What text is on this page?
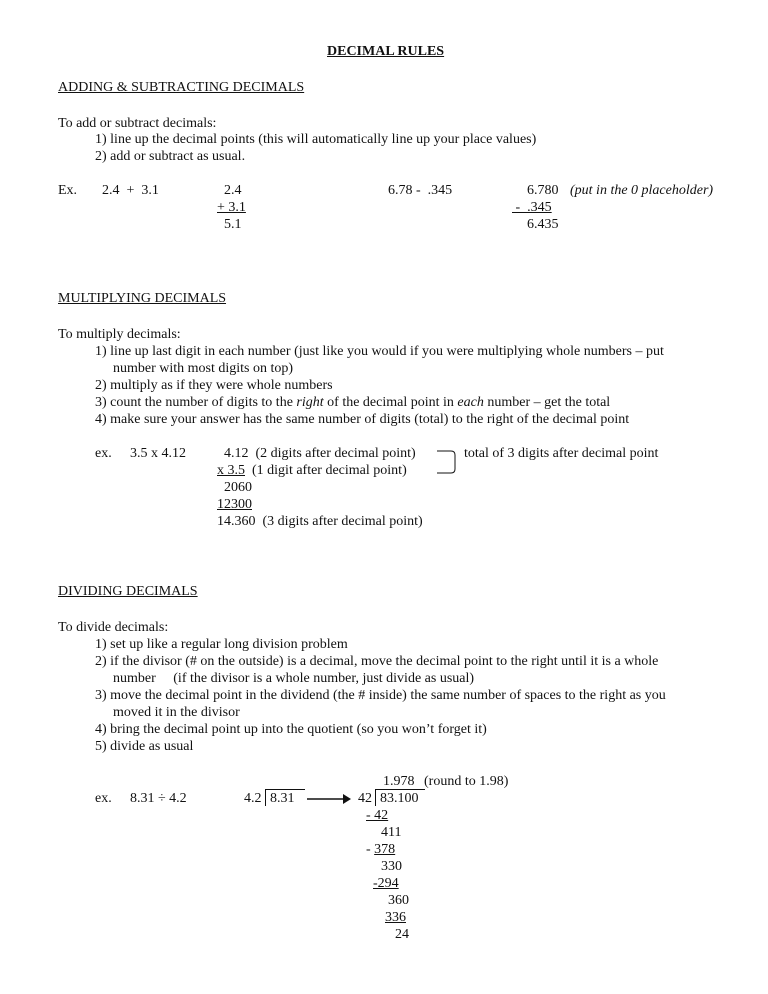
DECIMAL RULES
ADDING & SUBTRACTING DECIMALS
To add or subtract decimals:
1) line up the decimal points (this will automatically line up your place values)
2) add or subtract as usual.
Ex. 2.4  +  3.1	2.4
+ 3.1
5.1
6.78 -  .345	6.780 (put in the 0 placeholder)
-  .345
6.435
MULTIPLYING DECIMALS
To multiply decimals:
1) line up last digit in each number (just like you would if you were multiplying whole numbers – put
number with most digits on top)
2) multiply as if they were whole numbers
3) count the number of digits to the right of the decimal point in each number – get the total
4) make sure your answer has the same number of digits (total) to the right of the decimal point
ex. 3.5 x 4.12	4.12  (2 digits after decimal point)
x 3.5  (1 digit after decimal point)
2060
12300
14.360  (3 digits after decimal point)
total of 3 digits after decimal point
DIVIDING DECIMALS
To divide decimals:
1) set up like a regular long division problem
2) if the divisor (# on the outside) is a decimal, move the decimal point to the right until it is a whole
number     (if the divisor is a whole number, just divide as usual)
3) move the decimal point in the dividend (the # inside) the same number of spaces to the right as you
moved it in the divisor
4) bring the decimal point up into the quotient (so you won’t forget it)
5) divide as usual
ex. 8.31 ÷ 4.2	4.2 8.31
1.978 (round to 1.98)
42 83.100
- 42
411
- 378
330
-294
360
336
24
